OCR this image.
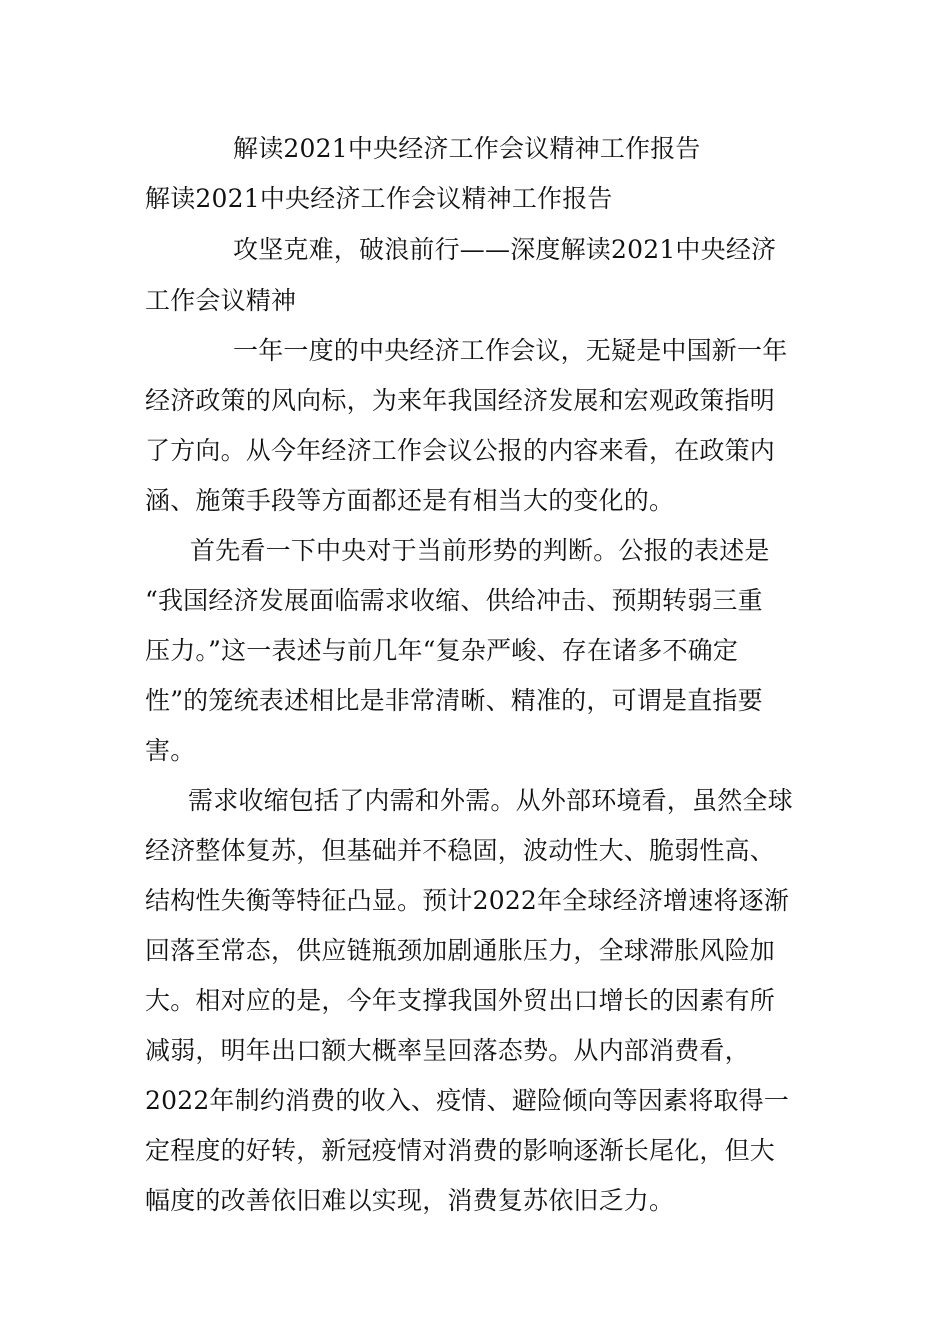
解读2021中央经济工作会议精神工作报告

解读2021中央经济工作会议精神工作报告

攻坚克难，破浪前行——深度解读2021中央经济

工作会议精神

一年一度的中央经济工作会议，无疑是中国新一年

经济政策的风向标，为来年我国经济发展和宏观政策指明

了方向。从今年经济工作会议公报的内容来看，在政策内

涵、施策手段等方面都还是有相当大的变化的。

首先看一下中央对于当前形势的判断。公报的表述是

“我国经济发展面临需求收缩、供给冲击、预期转弱三重

压力。”这一表述与前几年“复杂严峻、存在诸多不确定

性”的笼统表述相比是非常清晰、精准的，可谓是直指要

害。

需求收缩包括了内需和外需。从外部环境看，虽然全球

经济整体复苏，但基础并不稳固，波动性大、脆弱性高、

结构性失衡等特征凸显。预计2022年全球经济增速将逐渐

回落至常态，供应链瓶颈加剧通胀压力，全球滞胀风险加

大。相对应的是，今年支撑我国外贸出口增长的因素有所

减弱，明年出口额大概率呈回落态势。从内部消费看，

2022年制约消费的收入、疫情、避险倾向等因素将取得一

定程度的好转，新冠疫情对消费的影响逐渐长尾化，但大

幅度的改善依旧难以实现，消费复苏依旧乏力。
